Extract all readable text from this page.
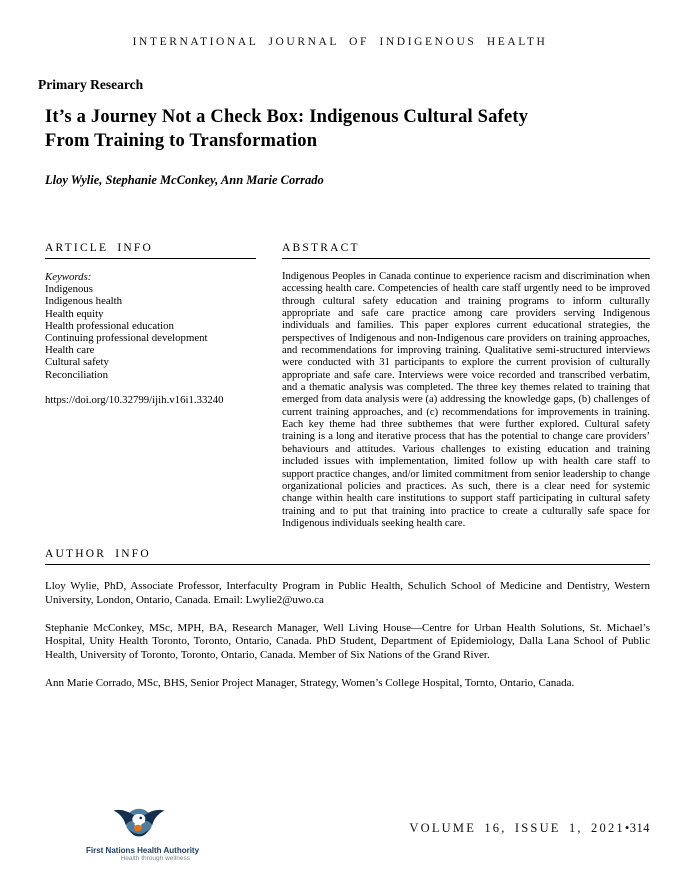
INTERNATIONAL JOURNAL OF INDIGENOUS HEALTH
Primary Research
It’s a Journey Not a Check Box: Indigenous Cultural Safety
From Training to Transformation
Lloy Wylie, Stephanie McConkey, Ann Marie Corrado
ARTICLE INFO
Keywords:
Indigenous
Indigenous health
Health equity
Health professional education
Continuing professional development
Health care
Cultural safety
Reconciliation
https://doi.org/10.32799/ijih.v16i1.33240
ABSTRACT
Indigenous Peoples in Canada continue to experience racism and discrimination when accessing health care. Competencies of health care staff urgently need to be improved through cultural safety education and training programs to inform culturally appropriate and safe care practice among care providers serving Indigenous individuals and families. This paper explores current educational strategies, the perspectives of Indigenous and non-Indigenous care providers on training approaches, and recommendations for improving training. Qualitative semi-structured interviews were conducted with 31 participants to explore the current provision of culturally appropriate and safe care. Interviews were voice recorded and transcribed verbatim, and a thematic analysis was completed. The three key themes related to training that emerged from data analysis were (a) addressing the knowledge gaps, (b) challenges of current training approaches, and (c) recommendations for improvements in training. Each key theme had three subthemes that were further explored. Cultural safety training is a long and iterative process that has the potential to change care providers’ behaviours and attitudes. Various challenges to existing education and training included issues with implementation, limited follow up with health care staff to support practice changes, and/or limited commitment from senior leadership to change organizational policies and practices. As such, there is a clear need for systemic change within health care institutions to support staff participating in cultural safety training and to put that training into practice to create a culturally safe space for Indigenous individuals seeking health care.
AUTHOR INFO

Lloy Wylie, PhD, Associate Professor, Interfaculty Program in Public Health, Schulich School of Medicine and Dentistry, Western University, London, Ontario, Canada. Email: Lwylie2@uwo.ca

Stephanie McConkey, MSc, MPH, BA, Research Manager, Well Living House—Centre for Urban Health Solutions, St. Michael’s Hospital, Unity Health Toronto, Toronto, Ontario, Canada. PhD Student, Department of Epidemiology, Dalla Lana School of Public Health, University of Toronto, Toronto, Ontario, Canada. Member of Six Nations of the Grand River.

Ann Marie Corrado, MSc, BHS, Senior Project Manager, Strategy, Women’s College Hospital, Tornto, Ontario, Canada.

First Nations Health Authority
Health through wellness
VOLUME 16, ISSUE 1, 2021•314
